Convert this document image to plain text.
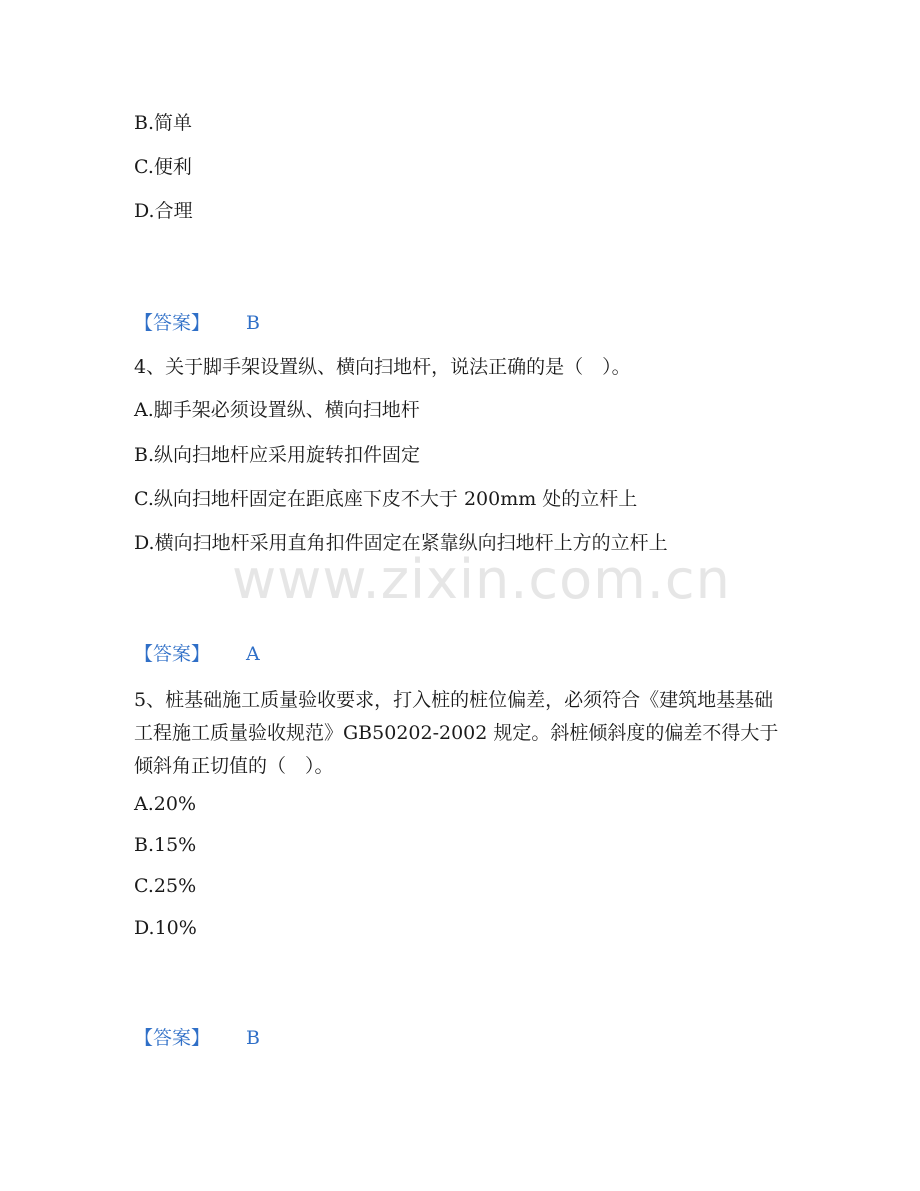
B.简单
C.便利
D.合理
【答案】 B
4、关于脚手架设置纵、横向扫地杆，说法正确的是（　）。
A.脚手架必须设置纵、横向扫地杆
B.纵向扫地杆应采用旋转扣件固定
C.纵向扫地杆固定在距底座下皮不大于 200mm 处的立杆上
D.横向扫地杆采用直角扣件固定在紧靠纵向扫地杆上方的立杆上
www.zixin.com.cn
【答案】 A
5、桩基础施工质量验收要求，打入桩的桩位偏差，必须符合《建筑地基基础工程施工质量验收规范》GB50202-2002 规定。斜桩倾斜度的偏差不得大于倾斜角正切值的（　）。
A.20%
B.15%
C.25%
D.10%
【答案】 B
